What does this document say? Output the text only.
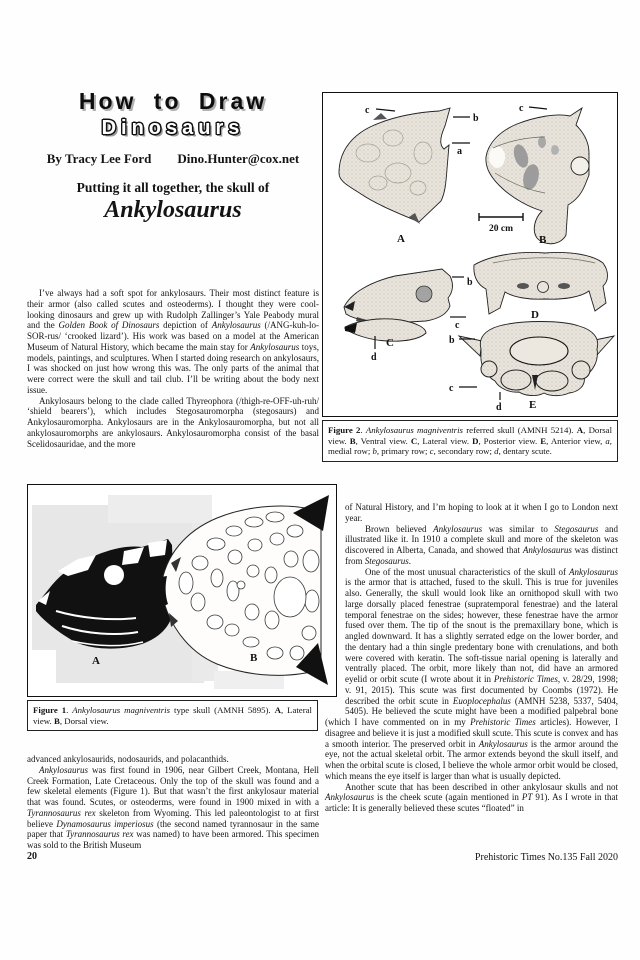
How to Draw
Dinosaurs
By Tracy Lee Ford Dino.Hunter@cox.net
Putting it all together, the skull of
Ankylosaurus

I’ve always had a soft spot for ankylosaurs. Their most distinct feature is their armor (also called scutes and osteoderms). I thought they were cool-looking dinosaurs and grew up with Rudolph Zallinger’s Yale Peabody mural and the Golden Book of Dinosaurs depiction of Ankylosaurus (/ANG-kuh-lo-SOR-rus/ ‘crooked lizard’). His work was based on a model at the American Museum of Natural History, which became the main stay for Ankylosaurus toys, models, paintings, and sculptures. When I started doing research on ankylosaurs, I was shocked on just how wrong this was. The only parts of the animal that were correct were the skull and tail club. I’ll be writing about the body next issue.

Ankylosaurs belong to the clade called Thyreophora (/thigh-re-OFF-uh-ruh/ ‘shield bearers’), which includes Stegosauromorpha (stegosaurs) and Ankylosauromorpha. Ankylosaurs are in the Ankylosauromorpha, but not all ankylosauromorphs are ankylosaurs. Ankylosauromorpha consist of the basal Scelidosauridae, and the more

A	B
Figure 1. Ankylosaurus magniventris type skull (AMNH 5895). A, Lateral view. B, Dorsal view.

advanced ankylosaurids, nodosaurids, and polacanthids.

Ankylosaurus was first found in 1906, near Gilbert Creek, Montana, Hell Creek Formation, Late Cretaceous. Only the top of the skull was found and a few skeletal elements (Figure 1). But that wasn’t the first ankylosaur material that was found. Scutes, or osteoderms, were found in 1900 mixed in with a Tyrannosaurus rex skeleton from Wyoming. This led paleontologist to at first believe Dynamosaurus imperiosus (the second named tyrannosaur in the same paper that Tyrannosaurus rex was named) to have been armored. This specimen was sold to the British Museum

c
b
a
A
c
B
20 cm
b
c
C
d
D
b
c
d E
Figure 2. Ankylosaurus magniventris referred skull (AMNH 5214). A, Dorsal view. B, Ventral view. C, Lateral view. D, Posterior view. E, Anterior view, a, medial row; b, primary row; c, secondary row; d, dentary scute.

of Natural History, and I’m hoping to look at it when I go to London next year.

Brown believed Ankylosaurus was similar to Stegosaurus and illustrated like it. In 1910 a complete skull and more of the skeleton was discovered in Alberta, Canada, and showed that Ankylosaurus was distinct from Stegosaurus.

One of the most unusual characteristics of the skull of Ankylosaurus is the armor that is attached, fused to the skull. This is true for juveniles also. Generally, the skull would look like an ornithopod skull with two large dorsally placed fenestrae (supratemporal fenestrae) and the lateral temporal fenestrae on the sides; however, these fenestrae have the armor fused over them. The tip of the snout is the premaxillary bone, which is angled downward. It has a slightly serrated edge on the lower border, and the dentary had a thin single predentary bone with crenulations, and both were covered with keratin. The soft-tissue narial opening is laterally and ventrally placed. The orbit, more likely than not, did have an armored eyelid or orbit scute (I wrote about it in Prehistoric Times, v. 28/29, 1998; v. 91, 2015). This scute was first documented by Coombs (1972). He described the orbit scute in Euoplocephalus (AMNH 5238, 5337, 5404, 5405). He believed the scute might have been a modified palpebral bone (which I have commented on in my Prehistoric Times articles). However, I disagree and believe it is just a modified skull scute. This scute is convex and has a smooth interior. The preserved orbit in Ankylosaurus is the armor around the eye, not the actual skeletal orbit. The armor extends beyond the skull itself, and when the orbital scute is closed, I believe the whole armor orbit would be closed, which means the eye itself is larger than what is usually depicted.

Another scute that has been described in other ankylosaur skulls and not Ankylosaurus is the cheek scute (again mentioned in PT 91). As I wrote in that article: It is generally believed these scutes “floated” in

20	Prehistoric Times No.135 Fall 2020
